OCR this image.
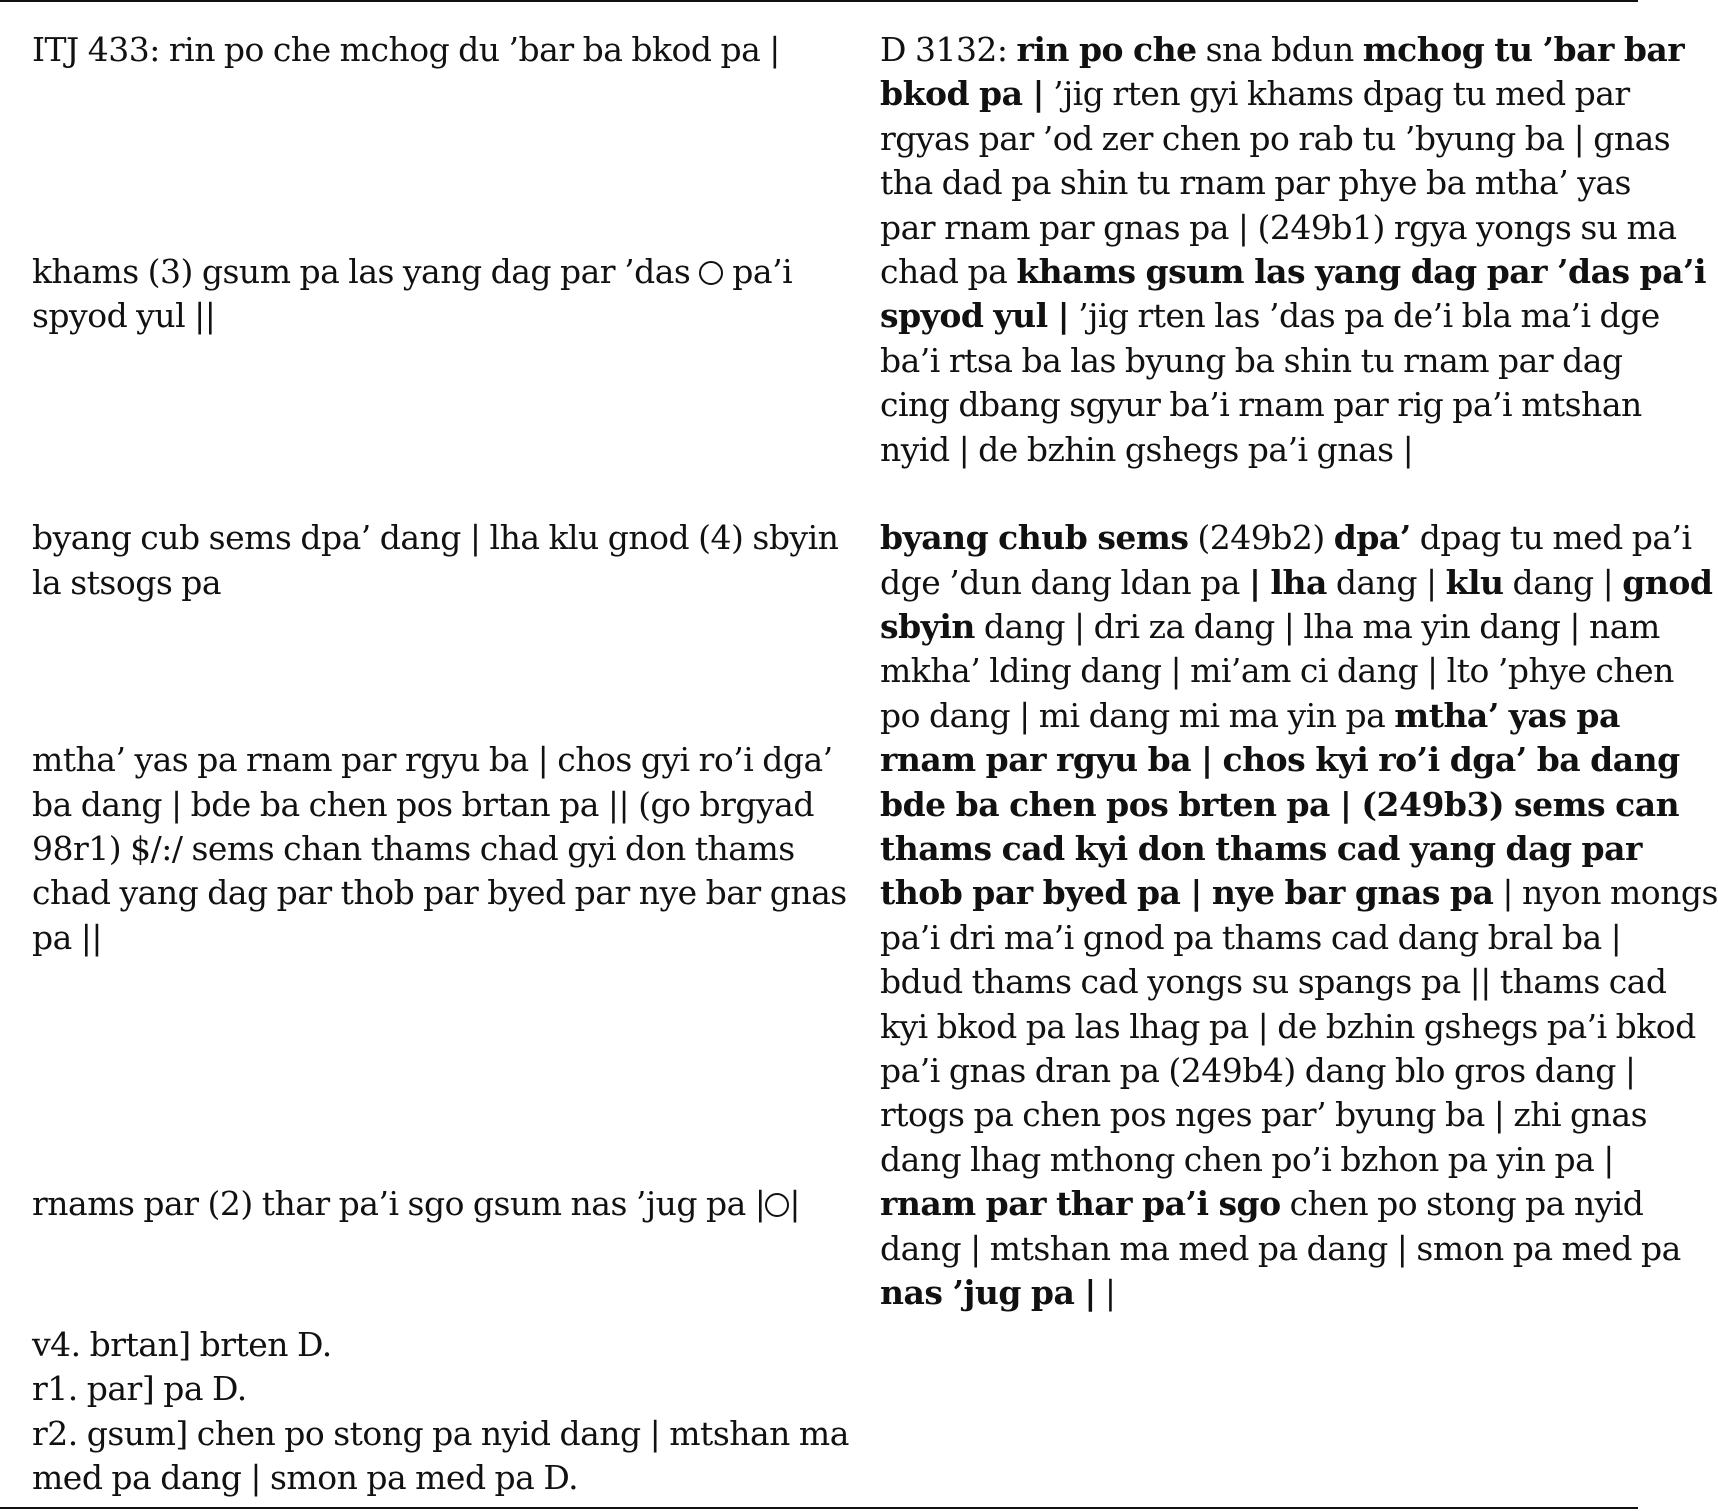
ITJ 433: rin po che mchog du ’bar ba bkod pa |
khams (3) gsum pa las yang dag par ’das  pa’i
spyod yul ||
byang cub sems dpa’ dang | lha klu gnod (4) sbyin
la stsogs pa
mtha’ yas pa rnam par rgyu ba | chos gyi ro’i dga’
ba dang | bde ba chen pos brtan pa || (go brgyad
98r1) $/:/ sems chan thams chad gyi don thams
chad yang dag par thob par byed par nye bar gnas
pa ||
rnams par (2) thar pa’i sgo gsum nas ’jug pa | |
v4. brtan] brten D.
r1. par] pa D.
r2. gsum] chen po stong pa nyid dang | mtshan ma
med pa dang | smon pa med pa D.
D 3132: rin po che sna bdun mchog tu ’bar bar
bkod pa | ’jig rten gyi khams dpag tu med par
rgyas par ’od zer chen po rab tu ’byung ba | gnas
tha dad pa shin tu rnam par phye ba mtha’ yas
par rnam par gnas pa | (249b1) rgya yongs su ma
chad pa khams gsum las yang dag par ’das pa’i
spyod yul | ’jig rten las ’das pa de’i bla ma’i dge
ba’i rtsa ba las byung ba shin tu rnam par dag
cing dbang sgyur ba’i rnam par rig pa’i mtshan
nyid | de bzhin gshegs pa’i gnas |
byang chub sems (249b2) dpa’ dpag tu med pa’i
dge ’dun dang ldan pa | lha dang | klu dang | gnod
sbyin dang | dri za dang | lha ma yin dang | nam
mkha’ lding dang | mi’am ci dang | lto ’phye chen
po dang | mi dang mi ma yin pa mtha’ yas pa
rnam par rgyu ba | chos kyi ro’i dga’ ba dang
bde ba chen pos brten pa | (249b3) sems can
thams cad kyi don thams cad yang dag par
thob par byed pa | nye bar gnas pa | nyon mongs
pa’i dri ma’i gnod pa thams cad dang bral ba |
bdud thams cad yongs su spangs pa || thams cad
kyi bkod pa las lhag pa | de bzhin gshegs pa’i bkod
pa’i gnas dran pa (249b4) dang blo gros dang |
rtogs pa chen pos nges par’ byung ba | zhi gnas
dang lhag mthong chen po’i bzhon pa yin pa |
rnam par thar pa’i sgo chen po stong pa nyid
dang | mtshan ma med pa dang | smon pa med pa
nas ’jug pa | |
